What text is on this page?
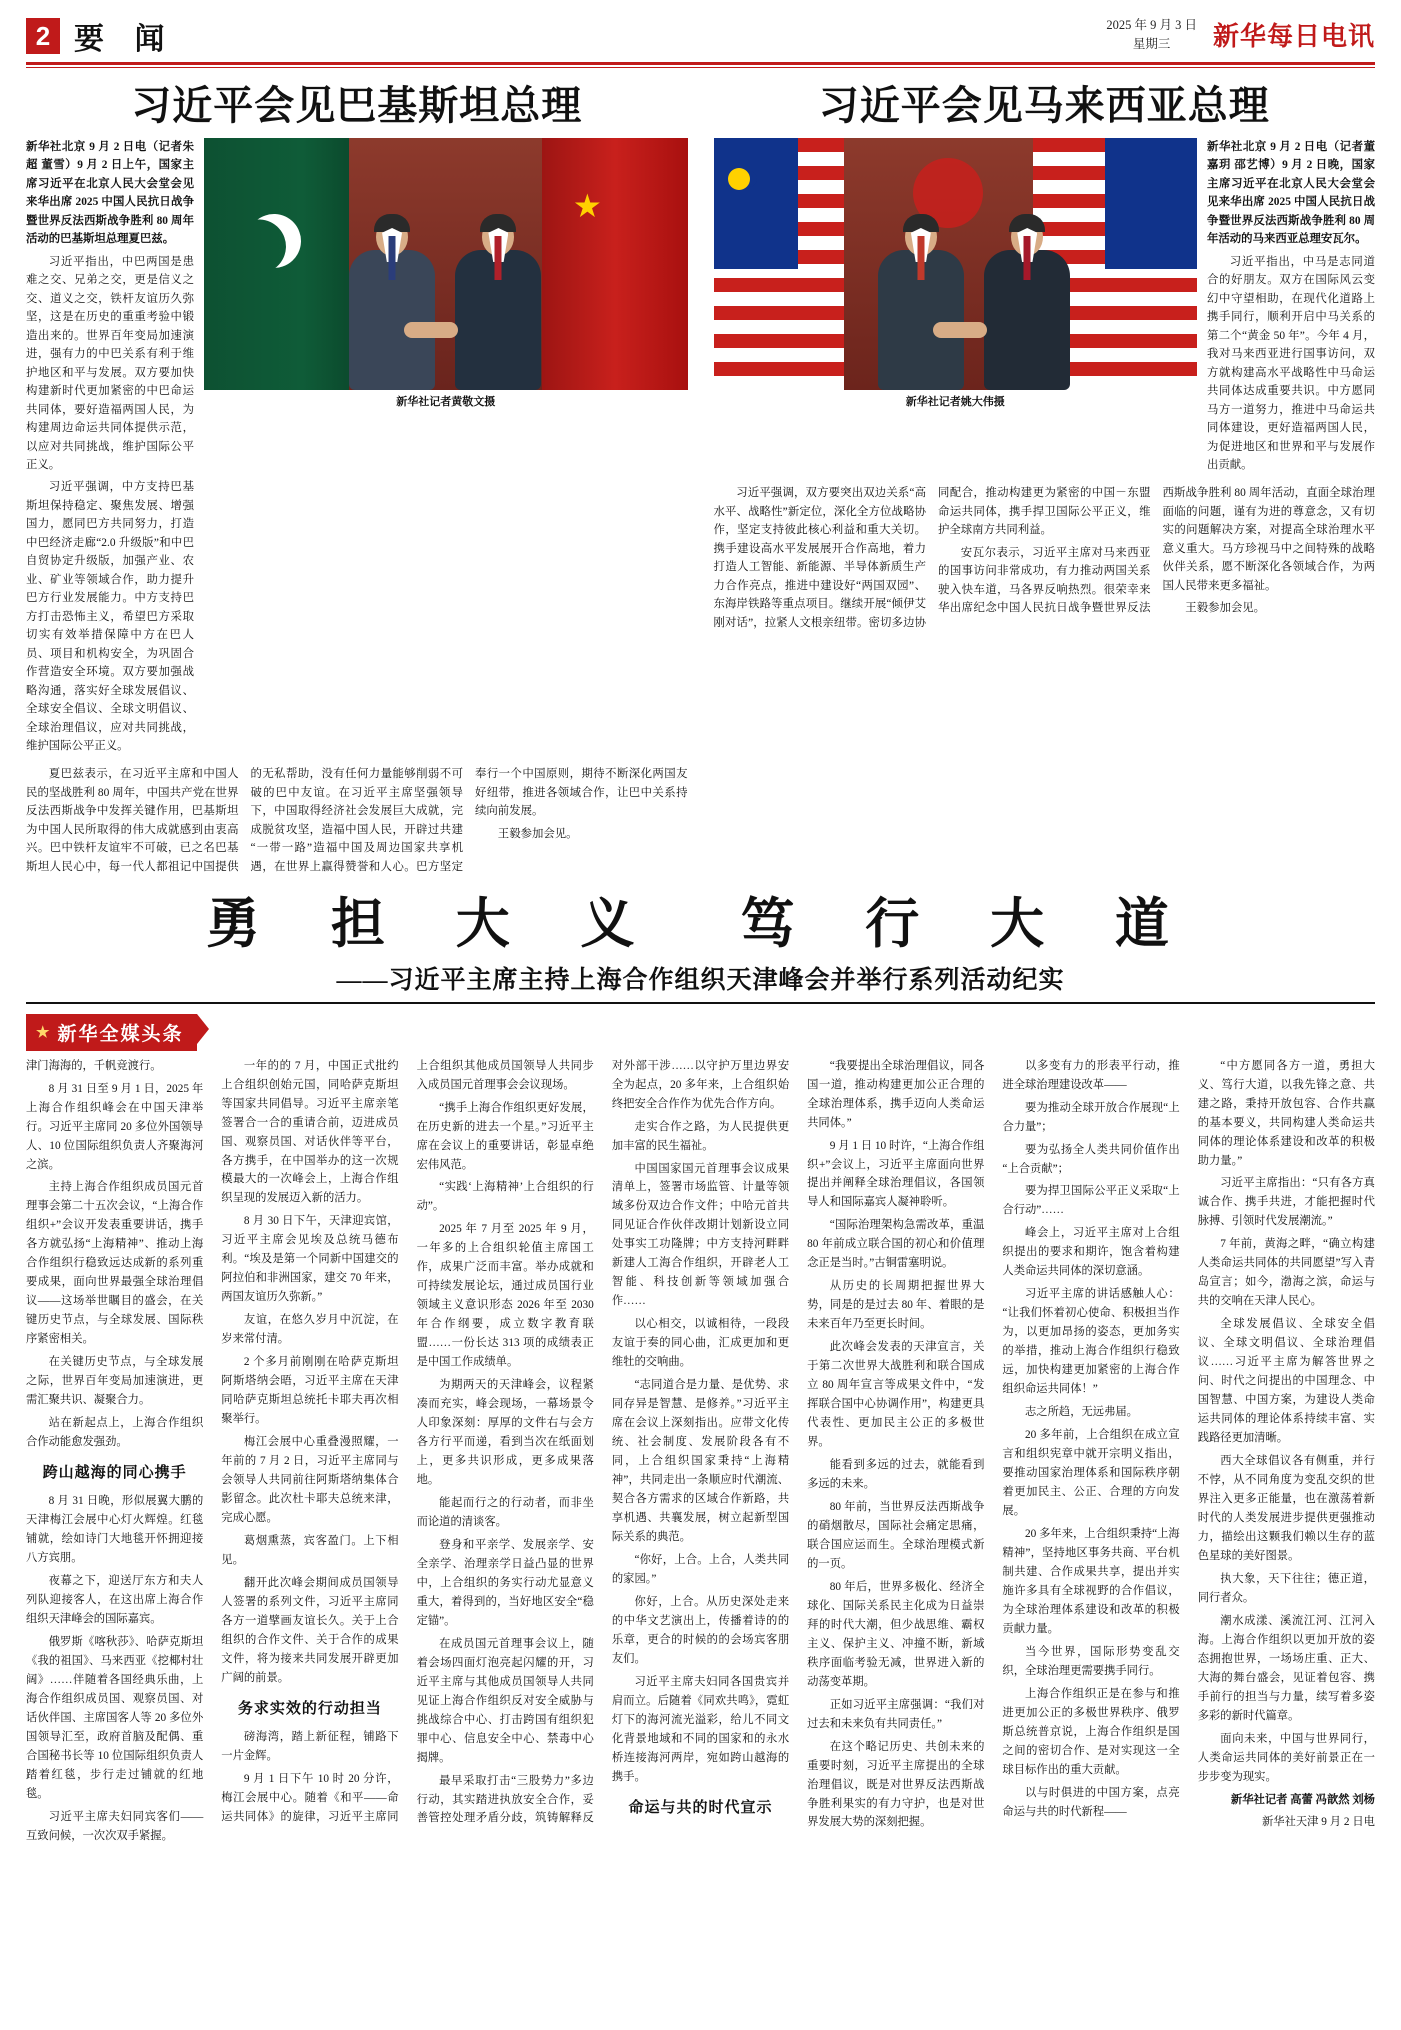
2 要 闻	2025 年 9 月 3 日
星期三	新华每日电讯
习近平会见巴基斯坦总理

新华社北京 9 月 2 日电（记者朱超 董雪）9 月 2 日上午，国家主席习近平在北京人民大会堂会见来华出席 2025 中国人民抗日战争暨世界反法西斯战争胜利 80 周年活动的巴基斯坦总理夏巴兹。

习近平指出，中巴两国是患难之交、兄弟之交，更是信义之交、道义之交，铁杆友谊历久弥坚，这是在历史的重重考验中锻造出来的。世界百年变局加速演进，强有力的中巴关系有利于维护地区和平与发展。双方要加快构建新时代更加紧密的中巴命运共同体，要好造福两国人民，为构建周边命运共同体提供示范，以应对共同挑战，维护国际公平正义。

习近平强调，中方支持巴基斯坦保持稳定、聚焦发展、增强国力，愿同巴方共同努力，打造中巴经济走廊“2.0 升级版”和中巴自贸协定升级版，加强产业、农业、矿业等领域合作，助力提升巴方行业发展能力。中方支持巴方打击恐怖主义，希望巴方采取切实有效举措保障中方在巴人员、项目和机构安全，为巩固合作营造安全环境。双方要加强战略沟通，落实好全球发展倡议、全球安全倡议、全球文明倡议、全球治理倡议，应对共同挑战，维护国际公平正义。

新华社记者黄敬文摄

夏巴兹表示，在习近平主席和中国人民的坚战胜利 80 周年，中国共产党在世界反法西斯战争中发挥关键作用，巴基斯坦为中国人民所取得的伟大成就感到由衷高兴。巴中铁杆友谊牢不可破，已之名巴基斯坦人民心中，每一代人都祖记中国提供的无私帮助，没有任何力量能够削弱不可破的巴中友谊。在习近平主席坚强领导下，中国取得经济社会发展巨大成就，完成脱贫攻坚，造福中国人民，开辟过共建“一带一路”造福中国及周边国家共享机遇，在世界上赢得赞誉和人心。巴方坚定奉行一个中国原则，期待不断深化两国友好纽带，推进各领域合作，让巴中关系持续向前发展。

王毅参加会见。

习近平会见马来西亚总理
新华社记者姚大伟摄

新华社北京 9 月 2 日电（记者董嘉玥 邵艺博）9 月 2 日晚，国家主席习近平在北京人民大会堂会见来华出席 2025 中国人民抗日战争暨世界反法西斯战争胜利 80 周年活动的马来西亚总理安瓦尔。

习近平指出，中马是志同道合的好朋友。双方在国际风云变幻中守望相助，在现代化道路上携手同行，顺利开启中马关系的第二个“黄金 50 年”。今年 4 月，我对马来西亚进行国事访问，双方就构建高水平战略性中马命运共同体达成重要共识。中方愿同马方一道努力，推进中马命运共同体建设，更好造福两国人民，为促进地区和世界和平与发展作出贡献。

习近平强调，双方要突出双边关系“高水平、战略性”新定位，深化全方位战略协作，坚定支持彼此核心利益和重大关切。携手建设高水平发展展开合作高地，着力打造人工智能、新能源、半导体新质生产力合作亮点，推进中建设好“两国双园”、东海岸铁路等重点项目。继续开展“倾伊艾刚对话”，拉紧人文根亲纽带。密切多边协同配合，推动构建更为紧密的中国－东盟命运共同体，携手捍卫国际公平正义，维护全球南方共同利益。

安瓦尔表示，习近平主席对马来西亚的国事访问非常成功，有力推动两国关系驶入快车道，马各界反响热烈。很荣幸来华出席纪念中国人民抗日战争暨世界反法西斯战争胜利 80 周年活动，直面全球治理面临的问题，谨有为进的尊意念，又有切实的问题解决方案，对提高全球治理水平意义重大。马方珍视马中之间特殊的战略伙伴关系，愿不断深化各领域合作，为两国人民带来更多福祉。

王毅参加会见。

勇 担 大 义　笃 行 大 道
——习近平主席主持上海合作组织天津峰会并举行系列活动纪实
★ 新华全媒头条

津门海海的，千帆竞渡行。

8 月 31 日至 9 月 1 日，2025 年上海合作组织峰会在中国天津举行。习近平主席同 20 多位外国领导人、10 位国际组织负责人齐聚海河之滨。

主持上海合作组织成员国元首理事会第二十五次会议，“上海合作组织+”会议开发表重要讲话，携手各方就弘扬“上海精神”、推动上海合作组织行稳致远达成新的系列重要成果，面向世界最强全球治理倡议——这场举世瞩目的盛会，在关键历史节点，与全球发展、国际秩序紧密相关。

在关键历史节点，与全球发展之际，世界百年变局加速演进，更需汇聚共识、凝聚合力。

站在新起点上，上海合作组织合作动能愈发强劲。

跨山越海的同心携手

8 月 31 日晚，形似展翼大鹏的天津梅江会展中心灯火辉煌。红毯铺就，绘如诗门大地毯开怀拥迎接八方宾朋。

夜幕之下，迎送厅东方和夫人列队迎接客人，在这出席上海合作组织天津峰会的国际嘉宾。

俄罗斯《喀秋莎》、哈萨克斯坦《我的祖国》、马来西亚《挖椰村壮阔》……伴随着各国经典乐曲，上海合作组织成员国、观察员国、对话伙伴国、主席国客人等 20 多位外国领导汇至，政府首脑及配偶、重合国秘书长等 10 位国际组织负责人踏着红毯，步行走过铺就的红地毯。

习近平主席夫妇同宾客们——互致问候，一次次双手紧握。

一年的的 7 月，中国正式批约上合组织创始元国，同哈萨克斯坦等国家共同倡导。习近平主席亲笔签署合一合的重请合前，迈进成员国、观察员国、对话伙伴等平台，各方携手，在中国举办的这一次规模最大的一次峰会上，上海合作组织呈现的发展迈入新的活力。

8 月 30 日下午，天津迎宾馆，习近平主席会见埃及总统马德布利。“埃及是第一个同新中国建交的阿拉伯和非洲国家，建交 70 年来，两国友谊历久弥新。”

友谊，在悠久岁月中沉淀，在岁来常付清。

2 个多月前刚刚在哈萨克斯坦阿斯塔纳会晤，习近平主席在天津同哈萨克斯坦总统托卡耶夫再次相聚举行。

梅江会展中心重叠漫照耀，一年前的 7 月 2 日，习近平主席同与会领导人共同前往阿斯塔纳集体合影留念。此次杜卡耶夫总统来津，完成心愿。

葛烟熏蒸，宾客盈门。上下相见。

翻开此次峰会期间成员国领导人签署的系列文件，习近平主席同各方一道擘画友谊长久。关于上合组织的合作文件、关于合作的成果文件，将为接来共同发展开辟更加广阔的前景。

务求实效的行动担当

磅海湾，踏上新征程，铺路下一片金辉。

9 月 1 日下午 10 时 20 分许，梅江会展中心。随着《和平——命运共同体》的旋律，习近平主席同上合组织其他成员国领导人共同步入成员国元首理事会会议现场。

“携手上海合作组织更好发展，在历史新的进去一个星。”习近平主席在会议上的重要讲话，彰显卓绝宏伟风范。

“实践‘上海精神’上合组织的行动”。

2025 年 7 月至 2025 年 9 月，一年多的上合组织轮值主席国工作，成果广泛而丰富。举办成就和可持续发展论坛，通过成员国行业领域主义意识形态 2026 年至 2030 年合作纲要，成立数字教育联盟……一份长达 313 项的成绩表正是中国工作成绩单。

为期两天的天津峰会，议程紧凑而充实，峰会现场，一幕场景令人印象深刻：厚厚的文件右与会方各方行平而递，看到当次在纸面划上，更多共识形成，更多成果落地。

能起而行之的行动者，而非坐而论道的清谈客。

登身和平亲学、发展亲学、安全亲学、治理亲学日益凸显的世界中，上合组织的务实行动尤显意义重大，着得到的，当好地区安全“稳定锚”。

在成员国元首理事会议上，随着会场四面灯泡亮起闪耀的开，习近平主席与其他成员国领导人共同见证上海合作组织反对安全威胁与挑战综合中心、打击跨国有组织犯罪中心、信息安全中心、禁毒中心揭牌。

最早采取打击“三股势力”多边行动，其实踏进执放安全合作，妥善管控处理矛盾分歧，筑铸解释反对外部干涉……以守护万里边界安全为起点，20 多年来，上合组织始终把安全合作作为优先合作方向。

走实合作之路，为人民提供更加丰富的民生福祉。

中国国家国元首理事会议成果清单上，签署市场监管、计量等领域多份双边合作文件；中哈元首共同见证合作伙伴改期计划新设立同处事实工功隆牌；中方支持河畔畔新建人工海合作组织，开辟老人工智能、科技创新等领域加强合作……

以心相交，以诚相待，一段段友谊于奏的同心曲，汇成更加和更维牡的交响曲。

“志同道合是力量、是优势、求同存异是智慧、是修养。”习近平主席在会议上深刻指出。应带文化传统、社会制度、发展阶段各有不同，上合组织国家秉持“上海精神”，共同走出一条顺应时代潮流、契合各方需求的区域合作新路，共享机遇、共襄发展，树立起新型国际关系的典范。

“你好，上合。上合，人类共同的家园。”

你好，上合。从历史深处走来的中华文艺演出上，传播着诗的的乐章，更合的时候的的会场宾客朋友们。

习近平主席夫妇同各国贵宾并肩而立。后随着《同欢共鸣》，霓虹灯下的海河流光溢彩，给儿不同文化背景地域和不同的国家和的永水桥连接海河两岸，宛如跨山越海的携手。

命运与共的时代宣示

“我要提出全球治理倡议，同各国一道，推动构建更加公正合理的全球治理体系，携手迈向人类命运共同体。”

9 月 1 日 10 时许，“上海合作组织+”会议上，习近平主席面向世界提出并阐释全球治理倡议，各国领导人和国际嘉宾人凝神聆听。

“国际治理架构急需改革，重温 80 年前成立联合国的初心和价值理念正是当时。”古铜雷塞明说。

从历史的长周期把握世界大势，同是的是过去 80 年、着眼的是未来百年乃至更长时间。

此次峰会发表的天津宣言，关于第二次世界大战胜利和联合国成立 80 周年宣言等成果文件中，“发挥联合国中心协调作用”，构建更具代表性、更加民主公正的多极世界。

能看到多远的过去，就能看到多远的未来。

80 年前，当世界反法西斯战争的硝烟散尽，国际社会痛定思痛，联合国应运而生。全球治理模式新的一页。

80 年后，世界多极化、经济全球化、国际关系民主化成为日益崇拜的时代大潮，但少战思维、霸权主义、保护主义、冲撞不断，新域秩序面临考验无减，世界进入新的动荡变革期。

正如习近平主席强调：“我们对过去和未来负有共同责任。”

在这个略记历史、共创未来的重要时刻，习近平主席提出的全球治理倡议，既是对世界反法西斯战争胜利果实的有力守护，也是对世界发展大势的深刻把握。

以多变有力的形表平行动，推进全球治理建设改革——

要为推动全球开放合作展现“上合力量”；

要为弘扬全人类共同价值作出“上合贡献”；

要为捍卫国际公平正义采取“上合行动”……

峰会上，习近平主席对上合组织提出的要求和期许，饱含着构建人类命运共同体的深切意涵。

习近平主席的讲话感触人心：“让我们怀着初心使命、积极担当作为，以更加昂扬的姿态，更加务实的举措，推动上海合作组织行稳致远，加快构建更加紧密的上海合作组织命运共同体！”

志之所趋，无远弗届。

20 多年前，上合组织在成立宣言和组织宪章中就开宗明义指出，要推动国家治理体系和国际秩序朝着更加民主、公正、合理的方向发展。

20 多年来，上合组织秉持“上海精神”，坚持地区事务共商、平台机制共建、合作成果共享，提出并实施许多具有全球视野的合作倡议，为全球治理体系建设和改革的积极贡献力量。

当今世界，国际形势变乱交织，全球治理更需要携手同行。

上海合作组织正是在参与和推进更加公正的多极世界秩序、俄罗斯总统普京说，上海合作组织是国之间的密切合作、是对实现这一全球目标作出的重大贡献。

以与时俱进的中国方案，点亮命运与共的时代新程——

“中方愿同各方一道，勇担大义、笃行大道，以我先锋之意、共建之路，秉持开放包容、合作共赢的基本要义，共同构建人类命运共同体的理论体系建设和改革的积极助力量。”

习近平主席指出：“只有各方真诚合作、携手共进，才能把握时代脉搏、引领时代发展潮流。”

7 年前，黄海之畔，“确立构建人类命运共同体的共同愿望”写入青岛宣言；如今，渤海之滨，命运与共的交响在天津人民心。

全球发展倡议、全球安全倡议、全球文明倡议、全球治理倡议……习近平主席为解答世界之问、时代之问提出的中国理念、中国智慧、中国方案，为建设人类命运共同体的理论体系持续丰富、实践路径更加清晰。

西大全球倡议各有侧重，并行不悖，从不同角度为变乱交织的世界注入更多正能量，也在激荡着新时代的人类发展进步提供更强推动力，描绘出这颗我们赖以生存的蓝色星球的美好图景。

执大象，天下往往；德正道，同行者众。

潮水成漾、溪流江河、江河入海。上海合作组织以更加开放的姿态拥抱世界，一场场庄重、正大、大海的舞台盛会，见证着包容、携手前行的担当与力量，续写着多姿多彩的新时代篇章。

面向未来，中国与世界同行，人类命运共同体的美好前景正在一步步变为现实。

新华社记者 高蕾 冯歆然 刘杨

新华社天津 9 月 2 日电
